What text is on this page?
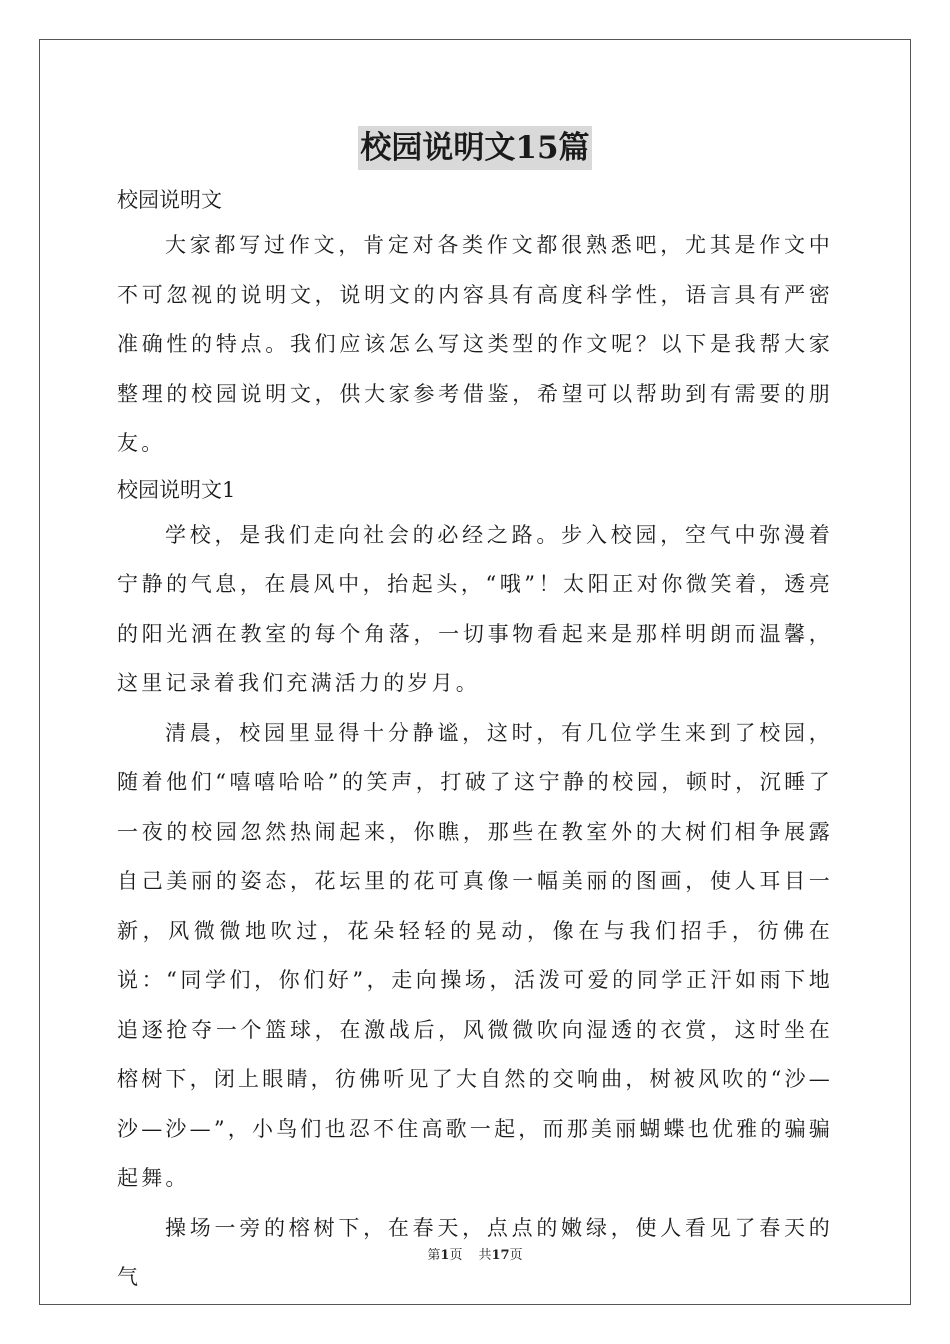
校园说明文15篇
校园说明文

大家都写过作文，肯定对各类作文都很熟悉吧，尤其是作文中不可忽视的说明文，说明文的内容具有高度科学性，语言具有严密准确性的特点。我们应该怎么写这类型的作文呢？以下是我帮大家整理的校园说明文，供大家参考借鉴，希望可以帮助到有需要的朋友。

校园说明文1

学校，是我们走向社会的必经之路。步入校园，空气中弥漫着宁静的气息，在晨风中，抬起头，“哦”！太阳正对你微笑着，透亮的阳光洒在教室的每个角落，一切事物看起来是那样明朗而温馨，这里记录着我们充满活力的岁月。

清晨，校园里显得十分静谧，这时，有几位学生来到了校园，随着他们“嘻嘻哈哈”的笑声，打破了这宁静的校园，顿时，沉睡了一夜的校园忽然热闹起来，你瞧，那些在教室外的大树们相争展露自己美丽的姿态，花坛里的花可真像一幅美丽的图画，使人耳目一新，风微微地吹过，花朵轻轻的晃动，像在与我们招手，彷佛在说：“同学们，你们好”，走向操场，活泼可爱的同学正汗如雨下地追逐抢夺一个篮球，在激战后，风微微吹向湿透的衣赏，这时坐在榕树下，闭上眼睛，彷佛听见了大自然的交响曲，树被风吹的“沙—沙—沙—”，小鸟们也忍不住高歌一起，而那美丽蝴蝶也优雅的骗骗起舞。

操场一旁的榕树下，在春天，点点的嫩绿，使人看见了春天的气

第1页 共17页
